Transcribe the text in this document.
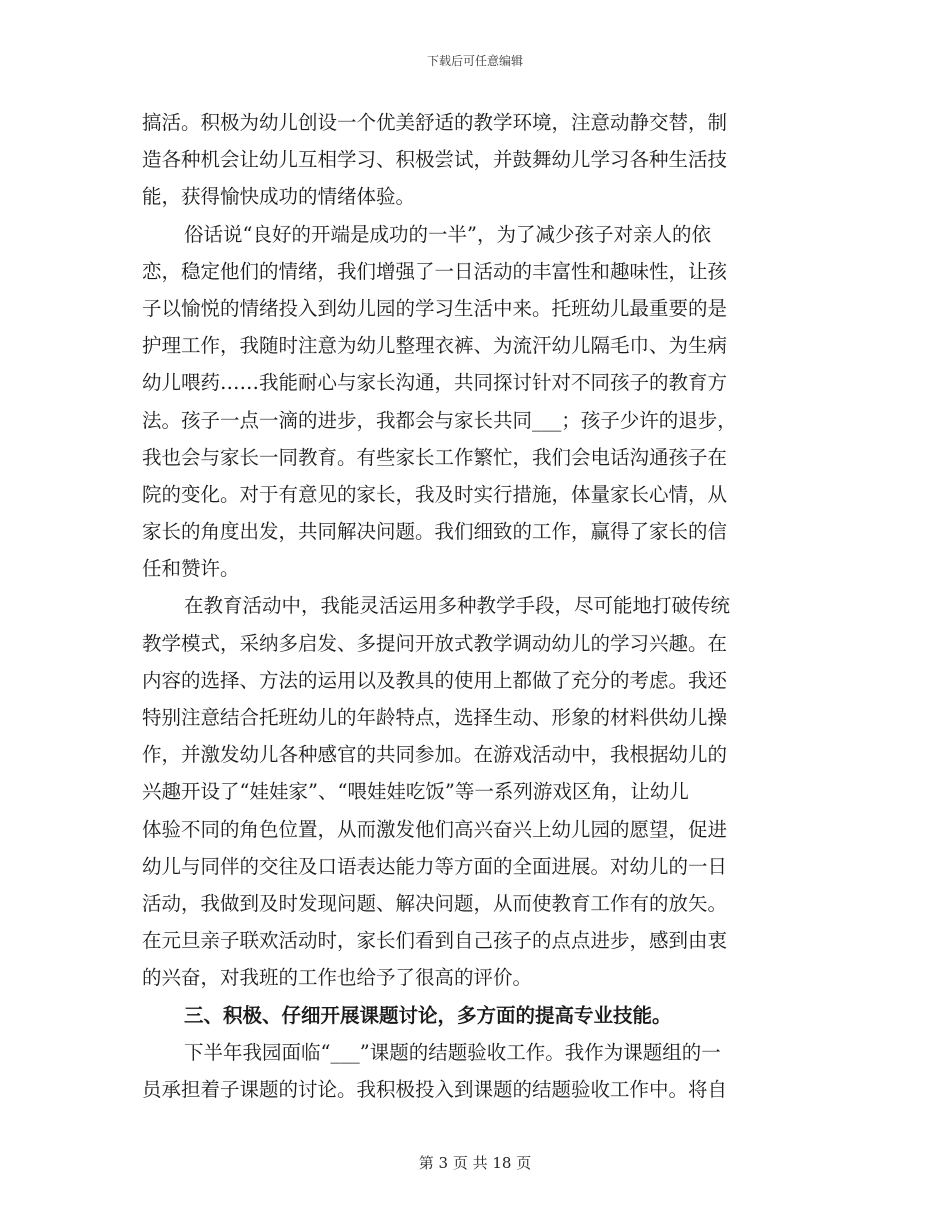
下载后可任意编辑
搞活。积极为幼儿创设一个优美舒适的教学环境，注意动静交替，制
造各种机会让幼儿互相学习、积极尝试，并鼓舞幼儿学习各种生活技
能，获得愉快成功的情绪体验。
俗话说“良好的开端是成功的一半”，为了减少孩子对亲人的依
恋，稳定他们的情绪，我们增强了一日活动的丰富性和趣味性，让孩
子以愉悦的情绪投入到幼儿园的学习生活中来。托班幼儿最重要的是
护理工作，我随时注意为幼儿整理衣裤、为流汗幼儿隔毛巾、为生病
幼儿喂药……我能耐心与家长沟通，共同探讨针对不同孩子的教育方
法。孩子一点一滴的进步，我都会与家长共同___；孩子少许的退步，
我也会与家长一同教育。有些家长工作繁忙，我们会电话沟通孩子在
院的变化。对于有意见的家长，我及时实行措施，体量家长心情，从
家长的角度出发，共同解决问题。我们细致的工作，赢得了家长的信
任和赞许。
在教育活动中，我能灵活运用多种教学手段，尽可能地打破传统
教学模式，采纳多启发、多提问开放式教学调动幼儿的学习兴趣。在
内容的选择、方法的运用以及教具的使用上都做了充分的考虑。我还
特别注意结合托班幼儿的年龄特点，选择生动、形象的材料供幼儿操
作，并激发幼儿各种感官的共同参加。在游戏活动中，我根据幼儿的
兴趣开设了“娃娃家”、“喂娃娃吃饭”等一系列游戏区角，让幼儿
体验不同的角色位置，从而激发他们高兴奋兴上幼儿园的愿望，促进
幼儿与同伴的交往及口语表达能力等方面的全面进展。对幼儿的一日
活动，我做到及时发现问题、解决问题，从而使教育工作有的放矢。
在元旦亲子联欢活动时，家长们看到自己孩子的点点进步，感到由衷
的兴奋，对我班的工作也给予了很高的评价。
三、积极、仔细开展课题讨论，多方面的提高专业技能。
下半年我园面临“___”课题的结题验收工作。我作为课题组的一
员承担着子课题的讨论。我积极投入到课题的结题验收工作中。将自
第 3 页 共 18 页
